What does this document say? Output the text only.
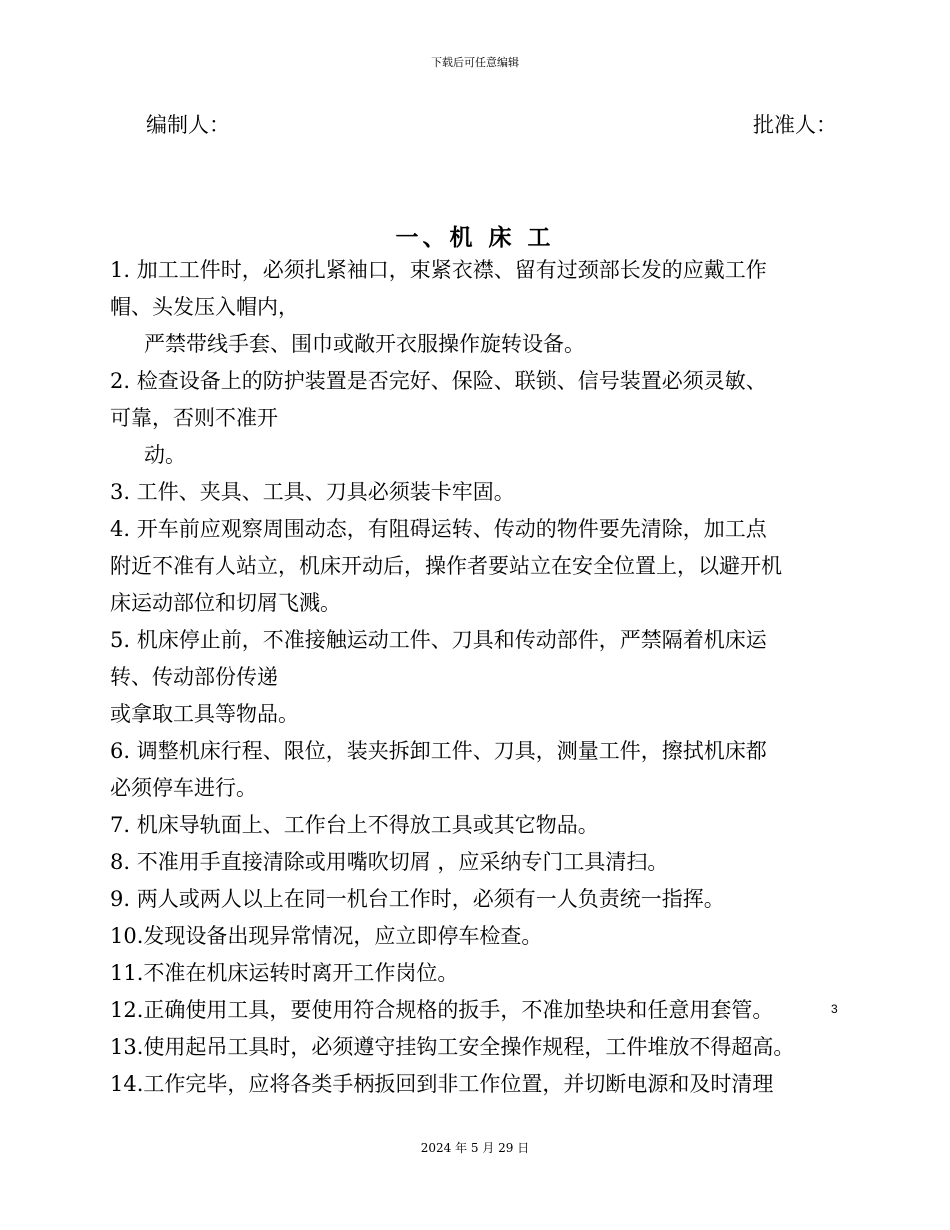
下载后可任意编辑
编制人：	批准人：
一、机 床 工
1. 加工工件时，必须扎紧袖口，束紧衣襟、留有过颈部长发的应戴工作
帽、头发压入帽内，
严禁带线手套、围巾或敞开衣服操作旋转设备。
2. 检查设备上的防护装置是否完好、保险、联锁、信号装置必须灵敏、
可靠，否则不准开
动。
3. 工件、夹具、工具、刀具必须装卡牢固。
4. 开车前应观察周围动态，有阻碍运转、传动的物件要先清除，加工点
附近不准有人站立，机床开动后，操作者要站立在安全位置上，以避开机
床运动部位和切屑飞溅。
5. 机床停止前，不准接触运动工件、刀具和传动部件，严禁隔着机床运
转、传动部份传递
或拿取工具等物品。
6. 调整机床行程、限位，装夹拆卸工件、刀具，测量工件，擦拭机床都
必须停车进行。
7. 机床导轨面上、工作台上不得放工具或其它物品。
8. 不准用手直接清除或用嘴吹切屑 ，应采纳专门工具清扫。
9. 两人或两人以上在同一机台工作时，必须有一人负责统一指挥。
10.发现设备出现异常情况，应立即停车检查。
11.不准在机床运转时离开工作岗位。
12.正确使用工具，要使用符合规格的扳手，不准加垫块和任意用套管。
13.使用起吊工具时，必须遵守挂钩工安全操作规程，工件堆放不得超高。
14.工作完毕，应将各类手柄扳回到非工作位置，并切断电源和及时清理
3
2024 年 5 月 29 日
